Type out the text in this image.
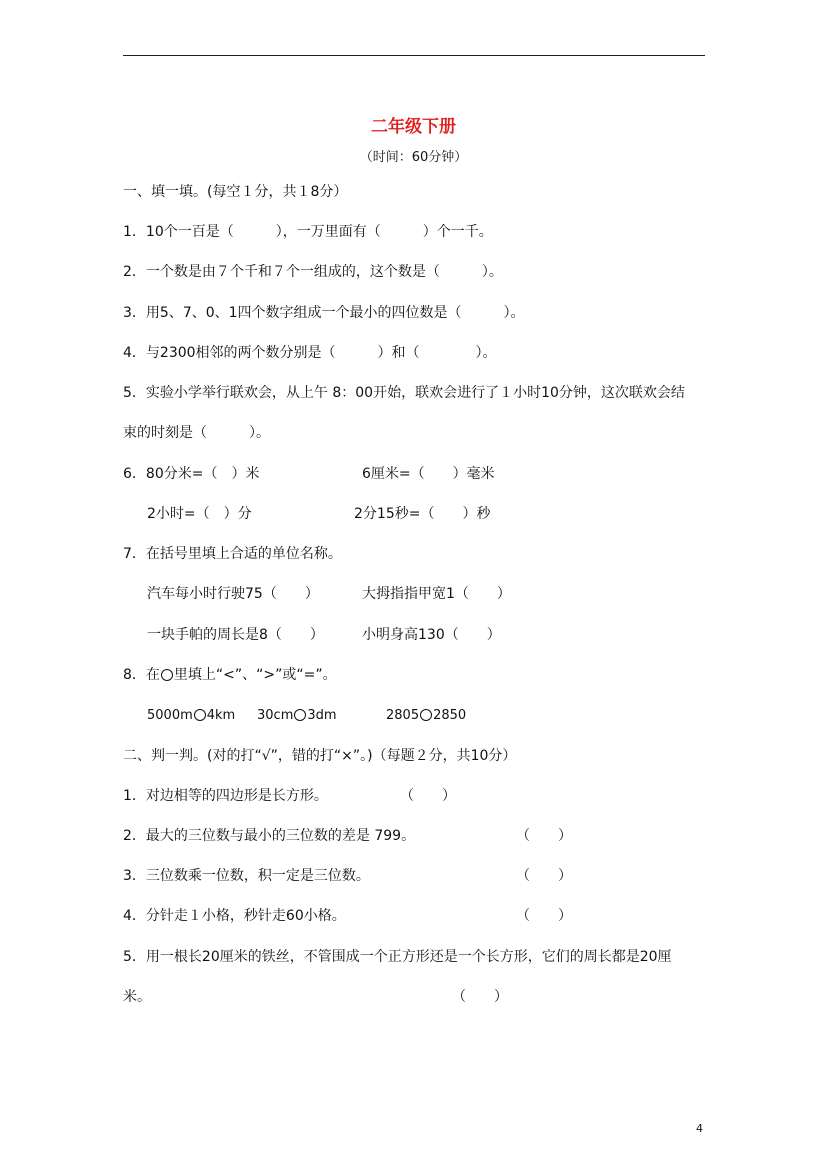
二年级下册
（时间：60分钟）
一、填一填。(每空１分，共１8分）
1．10个一百是（　　　），一万里面有（　　　）个一千。
2．一个数是由７个千和７个一组成的，这个数是（　　　）。
3．用5、7、0、1四个数字组成一个最小的四位数是（　　　）。
4．与2300相邻的两个数分别是（　　　）和（　　　　）。
5．实验小学举行联欢会，从上午 8：00开始，联欢会进行了１小时10分钟，这次联欢会结
束的时刻是（　　　）。
6．80分米=（　）米	6厘米=（　　）毫米
2小时=（　）分	2分15秒=（　　）秒
7．在括号里填上合适的单位名称。
汽车每小时行驶75（　　）	大拇指指甲宽1（　　）
一块手帕的周长是8（　　）	小明身高130（　　）
8．在 里填上“<”、“>”或“=”。
5000m 4km 30cm 3dm	2805 2850
二、判一判。(对的打“√”，错的打“×”。)（每题２分，共10分）
1．对边相等的四边形是长方形。	（　　）
2．最大的三位数与最小的三位数的差是 799。	（　　）
3．三位数乘一位数，积一定是三位数。	（　　）
4．分针走１小格，秒针走60小格。	（　　）
5．用一根长20厘米的铁丝，不管围成一个正方形还是一个长方形，它们的周长都是20厘
米。	（　　）
4
